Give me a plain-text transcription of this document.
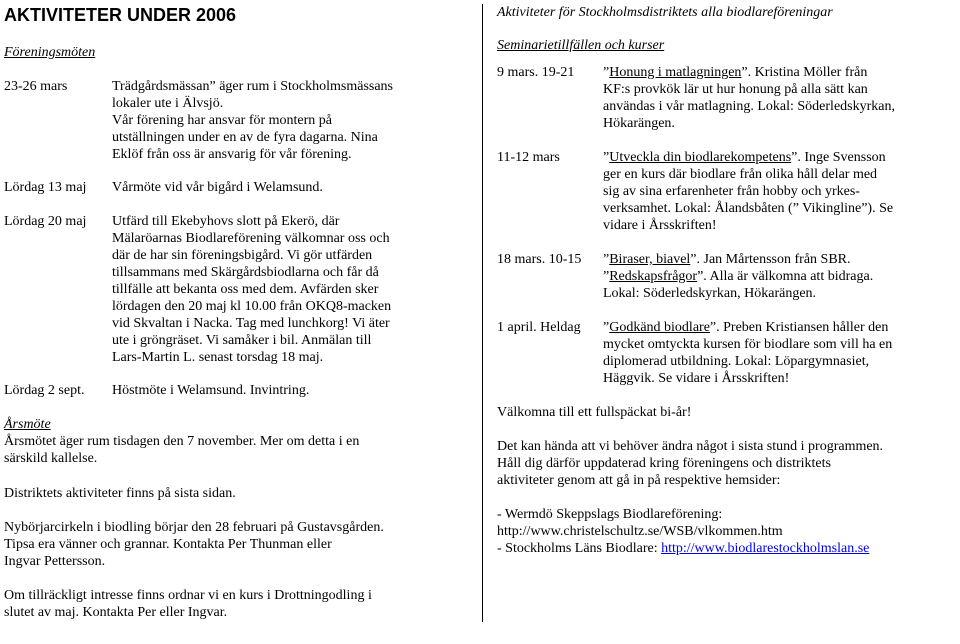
AKTIVITETER UNDER 2006
Föreningsmöten
23-26 mars	Trädgårdsmässan” äger rum i Stockholmsmässans
lokaler ute i Älvsjö.
Vår förening har ansvar för montern på
utställningen under en av de fyra dagarna. Nina
Eklöf från oss är ansvarig för vår förening.
Lördag 13 maj	Vårmöte vid vår bigård i Welamsund.
Lördag 20 maj	Utfärd till Ekebyhovs slott på Ekerö, där
Mälaröarnas Biodlareförening välkomnar oss och
där de har sin föreningsbigård. Vi gör utfärden
tillsammans med Skärgårdsbiodlarna och får då
tillfälle att bekanta oss med dem. Avfärden sker
lördagen den 20 maj kl 10.00 från OKQ8-macken
vid Skvaltan i Nacka. Tag med lunchkorg! Vi äter
ute i gröngräset. Vi samåker i bil. Anmälan till
Lars-Martin L. senast torsdag 18 maj.
Lördag 2 sept.	Höstmöte i Welamsund. Invintring.
Årsmöte
Årsmötet äger rum tisdagen den 7 november. Mer om detta i en
särskild kallelse.
Distriktets aktiviteter finns på sista sidan.
Nybörjarcirkeln i biodling börjar den 28 februari på Gustavsgården.
Tipsa era vänner och grannar. Kontakta Per Thunman eller
Ingvar Pettersson.
Om tillräckligt intresse finns ordnar vi en kurs i Drottningodling i
slutet av maj. Kontakta Per eller Ingvar.
Aktiviteter för Stockholmsdistriktets alla biodlareföreningar
Seminarietillfällen och kurser
9 mars. 19-21	”Honung i matlagningen”. Kristina Möller från
KF:s provkök lär ut hur honung på alla sätt kan
användas i vår matlagning. Lokal: Söderledskyrkan,
Hökarängen.
11-12 mars	”Utveckla din biodlarekompetens”. Inge Svensson
ger en kurs där biodlare från olika håll delar med
sig av sina erfarenheter från hobby och yrkes-
verksamhet. Lokal: Ålandsbåten (” Vikingline”). Se
vidare i Årsskriften!
18 mars. 10-15	”Biraser, biavel”. Jan Mårtensson från SBR.
”Redskapsfrågor”. Alla är välkomna att bidraga.
Lokal: Söderledskyrkan, Hökarängen.
1 april. Heldag	”Godkänd biodlare”. Preben Kristiansen håller den
mycket omtyckta kursen för biodlare som vill ha en
diplomerad utbildning. Lokal: Löpargymnasiet,
Häggvik. Se vidare i Årsskriften!
Välkomna till ett fullspäckat bi-år!
Det kan hända att vi behöver ändra något i sista stund i programmen.
Håll dig därför uppdaterad kring föreningens och distriktets
aktiviteter genom att gå in på respektive hemsider:
- Wermdö Skeppslags Biodlareförening:
http://www.christelschultz.se/WSB/vlkommen.htm
- Stockholms Läns Biodlare: http://www.biodlarestockholmslan.se
